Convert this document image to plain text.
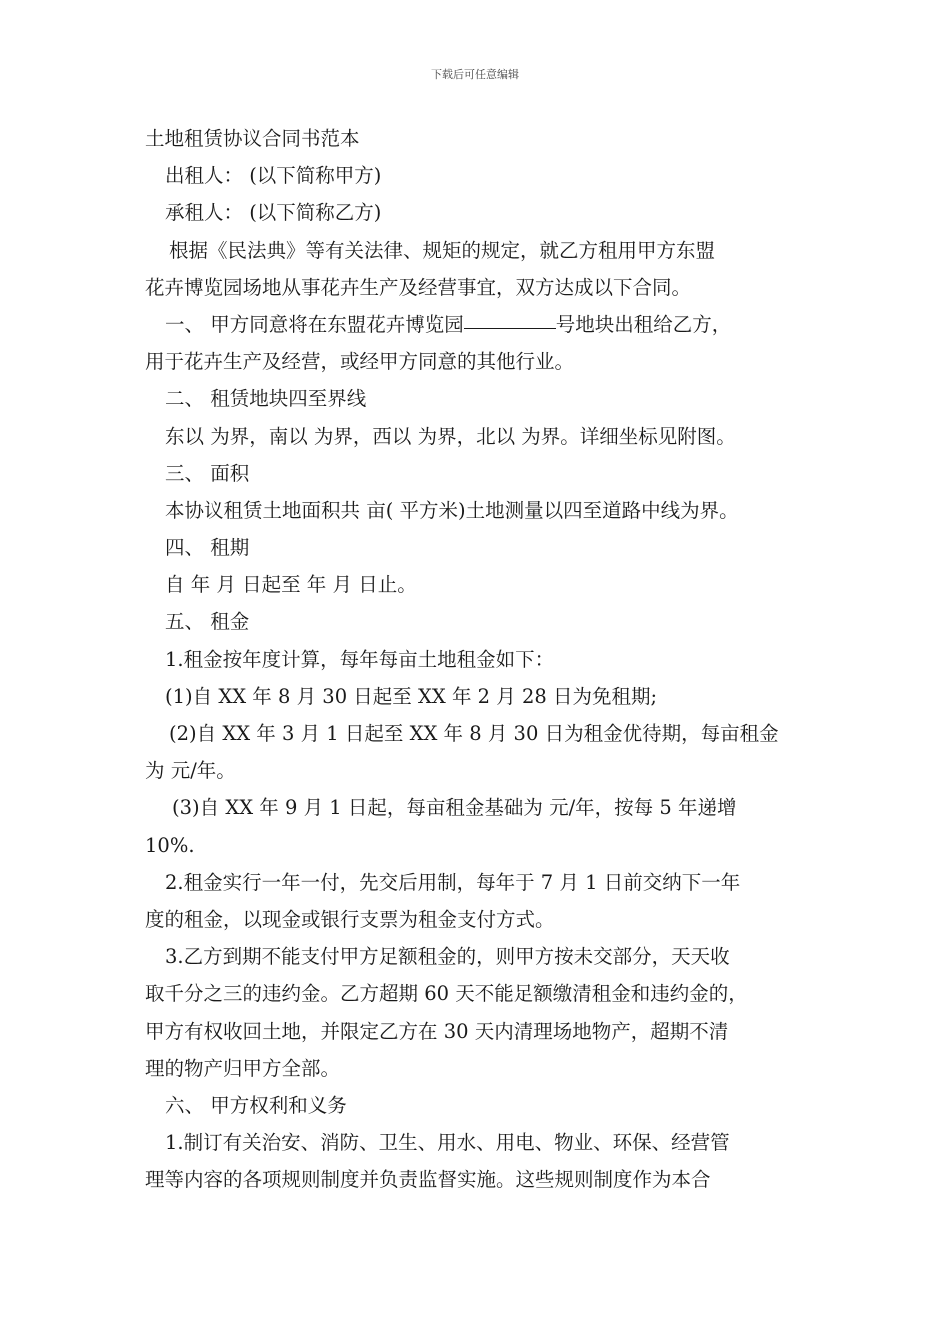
下载后可任意编辑
土地租赁协议合同书范本
出租人： (以下简称甲方)
承租人： (以下简称乙方)
根据《民法典》等有关法律、规矩的规定，就乙方租用甲方东盟
花卉博览园场地从事花卉生产及经营事宜，双方达成以下合同。
一、 甲方同意将在东盟花卉博览园	号地块出租给乙方，
用于花卉生产及经营，或经甲方同意的其他行业。
二、 租赁地块四至界线
东以 为界，南以 为界，西以 为界，北以 为界。详细坐标见附图。
三、 面积
本协议租赁土地面积共 亩( 平方米)土地测量以四至道路中线为界。
四、 租期
自 年 月 日起至 年 月 日止。
五、 租金
1.租金按年度计算，每年每亩土地租金如下：
(1)自 XX 年 8 月 30 日起至 XX 年 2 月 28 日为免租期;
(2)自 XX 年 3 月 1 日起至 XX 年 8 月 30 日为租金优待期，每亩租金
为 元/年。
(3)自 XX 年 9 月 1 日起，每亩租金基础为 元/年，按每 5 年递增
10%.
2.租金实行一年一付，先交后用制，每年于 7 月 1 日前交纳下一年
度的租金，以现金或银行支票为租金支付方式。
3.乙方到期不能支付甲方足额租金的，则甲方按未交部分，天天收
取千分之三的违约金。乙方超期 60 天不能足额缴清租金和违约金的，
甲方有权收回土地，并限定乙方在 30 天内清理场地物产，超期不清
理的物产归甲方全部。
六、 甲方权利和义务
1.制订有关治安、消防、卫生、用水、用电、物业、环保、经营管
理等内容的各项规则制度并负责监督实施。这些规则制度作为本合
